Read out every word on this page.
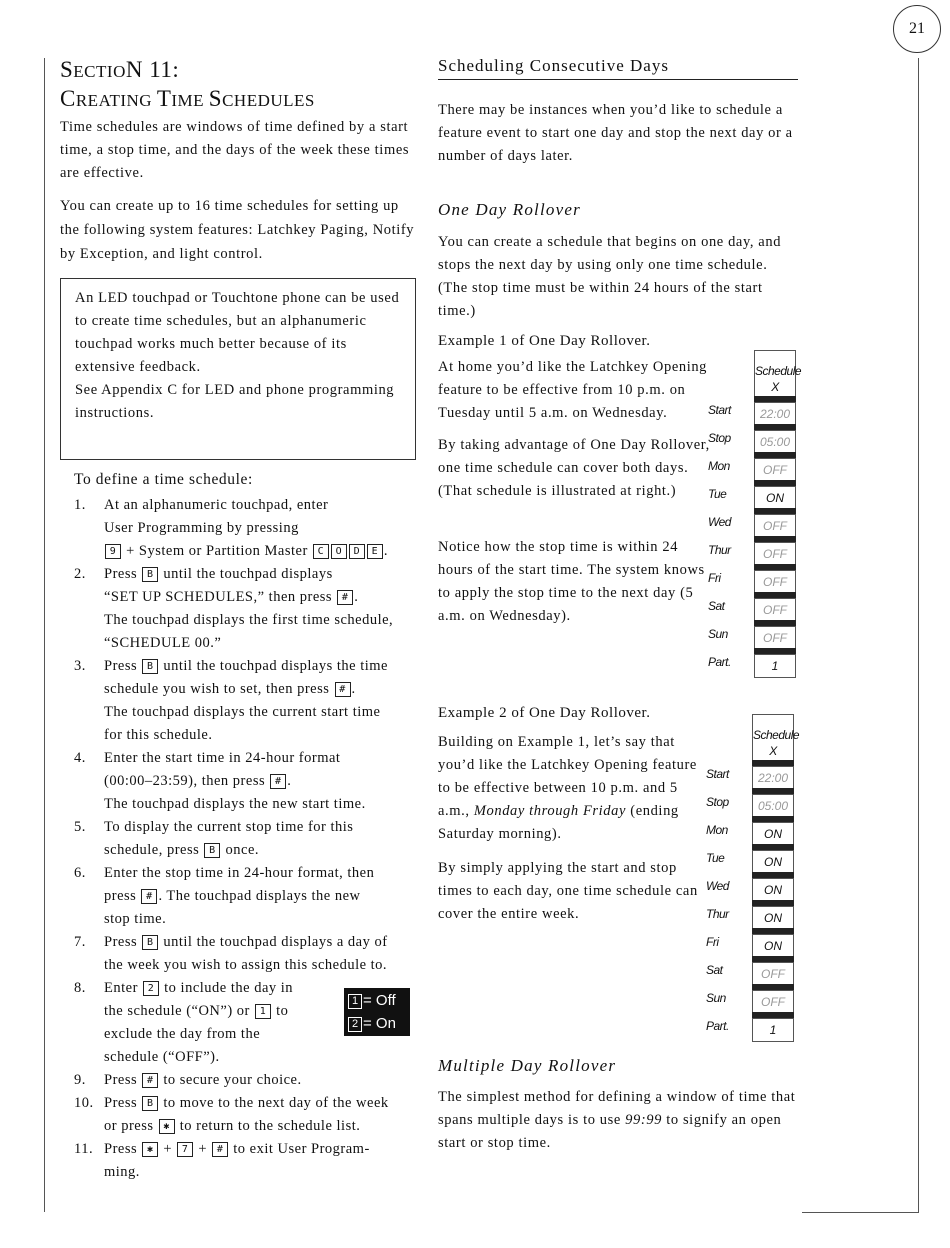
21
SECTION 11:
CREATING TIME SCHEDULES
Time schedules are windows of time defined by a start time, a stop time, and the days of the week these times are effective.
You can create up to 16 time schedules for setting up the following system features: Latchkey Paging, Notify by Exception, and light control.
An LED touchpad or Touchtone phone can be used to create time schedules, but an alphanumeric touchpad works much better because of its extensive feedback.
See Appendix C for LED and phone programming instructions.
To define a time schedule:
1. At an alphanumeric touchpad, enter
User Programming by pressing
9 + System or Partition Master C O D E .
2. Press B until the touchpad displays
“SET UP SCHEDULES,” then press # .
The touchpad displays the first time schedule,
“SCHEDULE 00.”
3. Press B until the touchpad displays the time
schedule you wish to set, then press # .
The touchpad displays the current start time
for this schedule.
4. Enter the start time in 24-hour format
(00:00–23:59), then press # .
The touchpad displays the new start time.
5. To display the current stop time for this
schedule, press B once.
6. Enter the stop time in 24-hour format, then
press # . The touchpad displays the new
stop time.
7. Press B until the touchpad displays a day of
the week you wish to assign this schedule to.
8. Enter 2 to include the day in
the schedule (“ON”) or 1 to
exclude the day from the
schedule (“OFF”).
9. Press # to secure your choice.
10. Press B to move to the next day of the week
or press ✱ to return to the schedule list.
11. Press ✱ + 7 + # to exit User Program-
ming.
1 = Off
2 = On
Scheduling Consecutive Days
There may be instances when you’d like to schedule a feature event to start one day and stop the next day or a number of days later.
One Day Rollover
You can create a schedule that begins on one day, and stops the next day by using only one time schedule. (The stop time must be within 24 hours of the start time.)
Example 1 of One Day Rollover.
At home you’d like the Latchkey Opening feature to be effective from 10 p.m. on Tuesday until 5 a.m. on Wednesday.
By taking advantage of One Day Rollover, one time schedule can cover both days. (That schedule is illustrated at right.)
Notice how the stop time is within 24 hours of the start time. The system knows to apply the stop time to the next day (5 a.m. on Wednesday).
Example 2 of One Day Rollover.
Building on Example 1, let’s say that you’d like the Latchkey Opening feature to be effective between 10 p.m. and 5 a.m., Monday through Friday (ending Saturday morning).
By simply applying the start and stop times to each day, one time schedule can cover the entire week.
Multiple Day Rollover
The simplest method for defining a window of time that spans multiple days is to use 99:99 to signify an open start or stop time.
Schedule
X
Start	22:00
Stop	05:00
Mon	OFF
Tue	ON
Wed	OFF
Thur	OFF
Fri	OFF
Sat	OFF
Sun	OFF
Part.	1
Schedule
X
Start	22:00
Stop	05:00
Mon	ON
Tue	ON
Wed	ON
Thur	ON
Fri	ON
Sat	OFF
Sun	OFF
Part.	1
